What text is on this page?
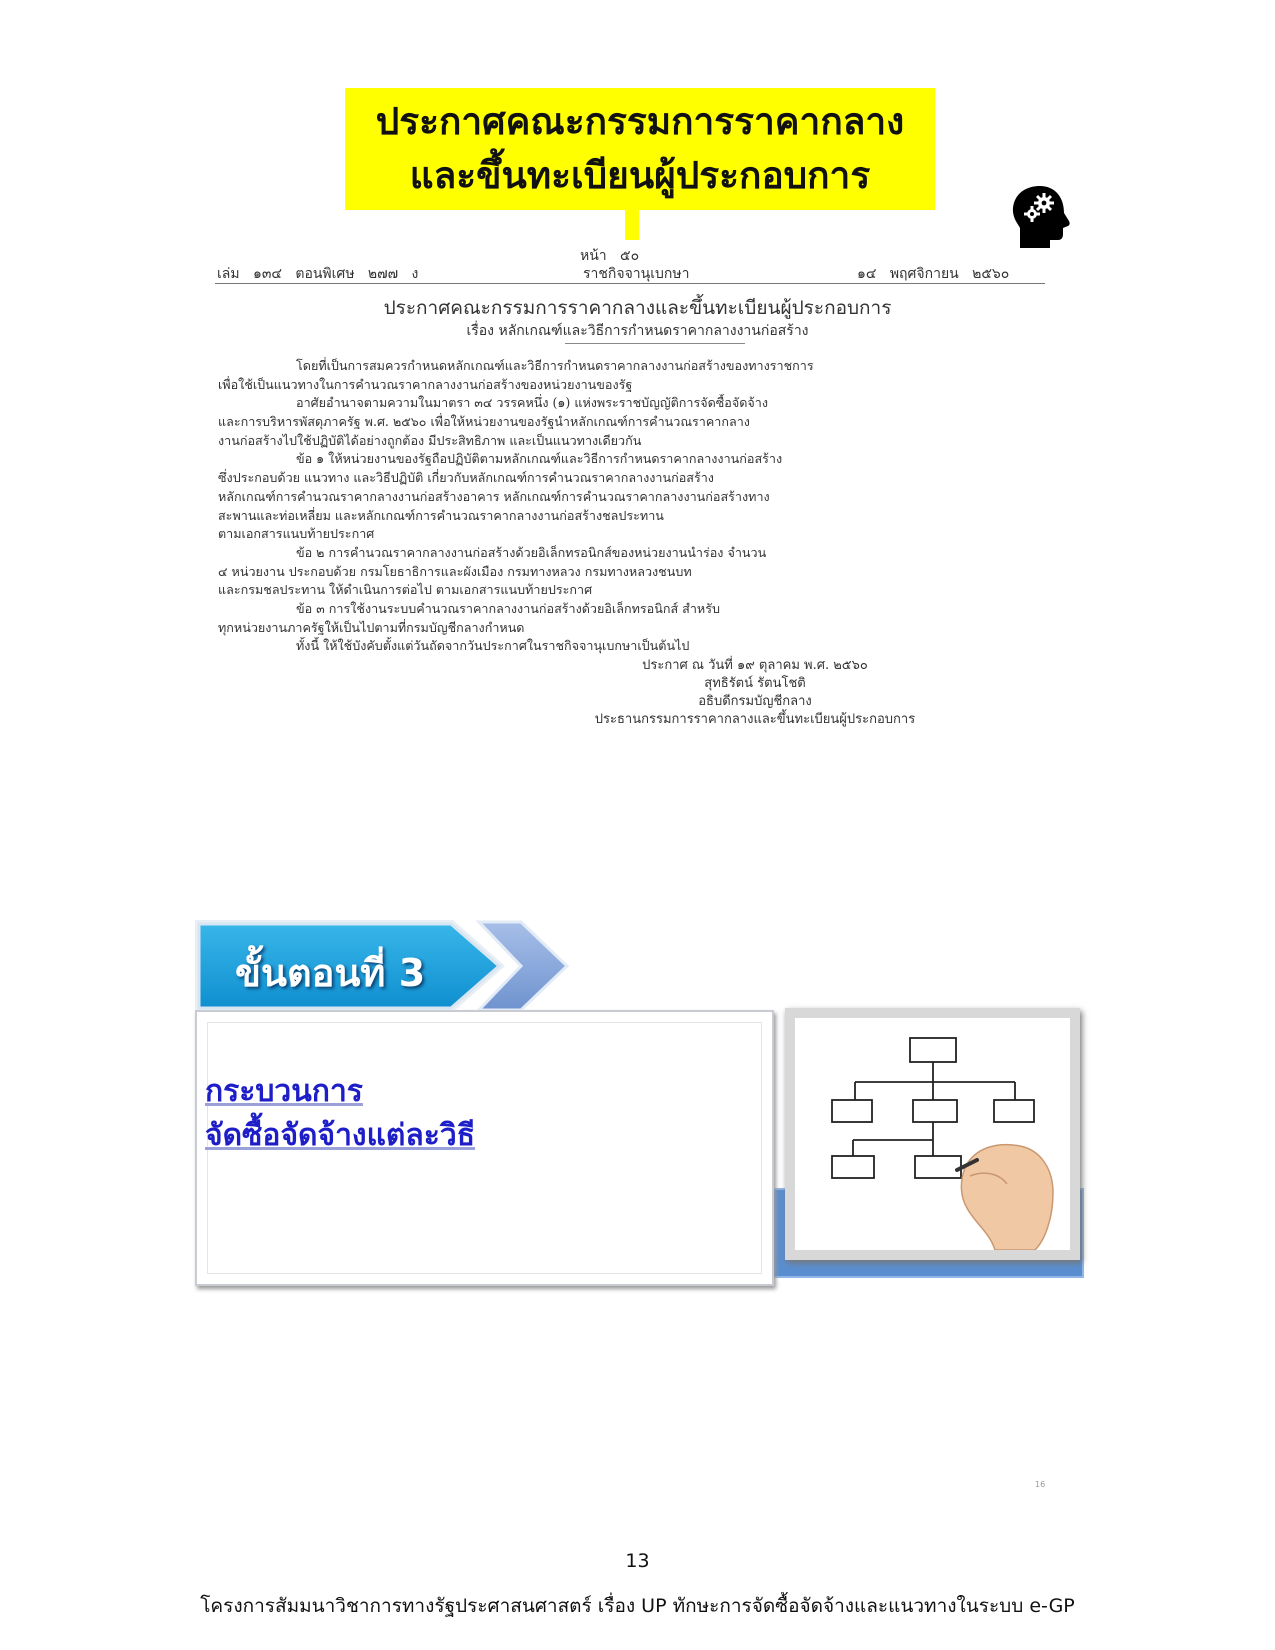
ประกาศคณะกรรมการราคากลาง
และขึ้นทะเบียนผู้ประกอบการ
หน้า   ๕๐
เล่ม   ๑๓๔   ตอนพิเศษ   ๒๗๗   ง	ราชกิจจานุเบกษา	๑๔   พฤศจิกายน   ๒๕๖๐
ประกาศคณะกรรมการราคากลางและขึ้นทะเบียนผู้ประกอบการ
เรื่อง หลักเกณฑ์และวิธีการกำหนดราคากลางงานก่อสร้าง
โดยที่เป็นการสมควรกำหนดหลักเกณฑ์และวิธีการกำหนดราคากลางงานก่อสร้างของทางราชการ
เพื่อใช้เป็นแนวทางในการคำนวณราคากลางงานก่อสร้างของหน่วยงานของรัฐ
อาศัยอำนาจตามความในมาตรา ๓๔ วรรคหนึ่ง (๑) แห่งพระราชบัญญัติการจัดซื้อจัดจ้าง
และการบริหารพัสดุภาครัฐ พ.ศ. ๒๕๖๐ เพื่อให้หน่วยงานของรัฐนำหลักเกณฑ์การคำนวณราคากลาง
งานก่อสร้างไปใช้ปฏิบัติได้อย่างถูกต้อง มีประสิทธิภาพ และเป็นแนวทางเดียวกัน
ข้อ ๑ ให้หน่วยงานของรัฐถือปฏิบัติตามหลักเกณฑ์และวิธีการกำหนดราคากลางงานก่อสร้าง
ซึ่งประกอบด้วย แนวทาง และวิธีปฏิบัติ เกี่ยวกับหลักเกณฑ์การคำนวณราคากลางงานก่อสร้าง
หลักเกณฑ์การคำนวณราคากลางงานก่อสร้างอาคาร หลักเกณฑ์การคำนวณราคากลางงานก่อสร้างทาง
สะพานและท่อเหลี่ยม และหลักเกณฑ์การคำนวณราคากลางงานก่อสร้างชลประทาน
ตามเอกสารแนบท้ายประกาศ
ข้อ ๒ การคำนวณราคากลางงานก่อสร้างด้วยอิเล็กทรอนิกส์ของหน่วยงานนำร่อง จำนวน
๔ หน่วยงาน ประกอบด้วย กรมโยธาธิการและผังเมือง กรมทางหลวง กรมทางหลวงชนบท
และกรมชลประทาน ให้ดำเนินการต่อไป ตามเอกสารแนบท้ายประกาศ
ข้อ ๓ การใช้งานระบบคำนวณราคากลางงานก่อสร้างด้วยอิเล็กทรอนิกส์ สำหรับ
ทุกหน่วยงานภาครัฐให้เป็นไปตามที่กรมบัญชีกลางกำหนด
ทั้งนี้ ให้ใช้บังคับตั้งแต่วันถัดจากวันประกาศในราชกิจจานุเบกษาเป็นต้นไป
ประกาศ ณ วันที่ ๑๙ ตุลาคม พ.ศ. ๒๕๖๐
สุทธิรัตน์ รัตนโชติ
อธิบดีกรมบัญชีกลาง
ประธานกรรมการราคากลางและขึ้นทะเบียนผู้ประกอบการ
กระบวนการ
จัดซื้อจัดจ้างแต่ละวิธี
ขั้นตอนที่ 3
16
13
โครงการสัมมนาวิชาการทางรัฐประศาสนศาสตร์ เรื่อง UP ทักษะการจัดซื้อจัดจ้างและแนวทางในระบบ e-GP
